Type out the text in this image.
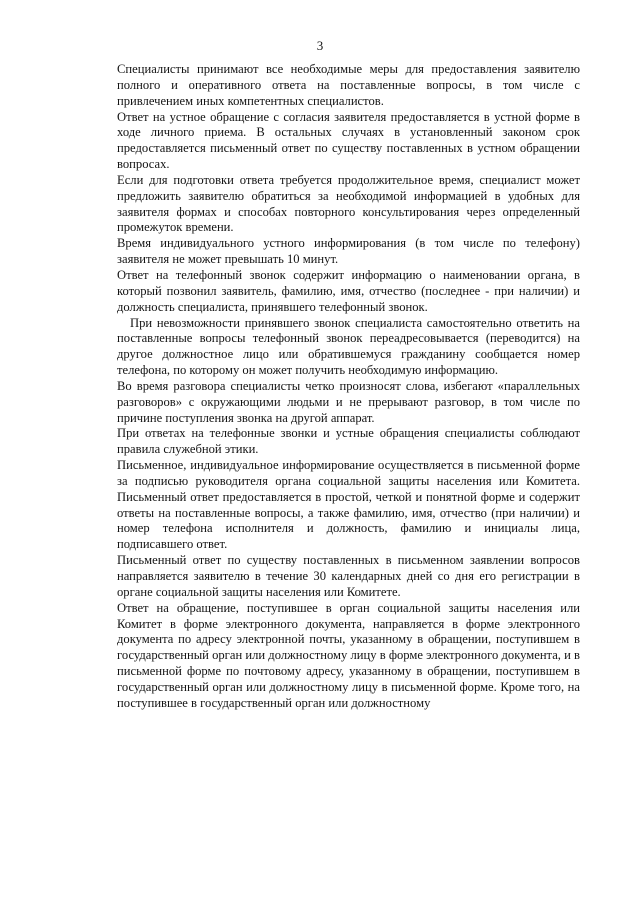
3

Специалисты принимают все необходимые меры для предоставления заявителю полного и оперативного ответа на поставленные вопросы, в том числе с привлечением иных компетентных специалистов.

Ответ на устное обращение с согласия заявителя предоставляется в устной форме в ходе личного приема. В остальных случаях в установленный законом срок предоставляется письменный ответ по существу поставленных в устном обращении вопросах.

Если для подготовки ответа требуется продолжительное время, специалист может предложить заявителю обратиться за необходимой информацией в удобных для заявителя формах и способах повторного консультирования через определенный промежуток времени.

Время индивидуального устного информирования (в том числе по телефону) заявителя не может превышать 10 минут.

Ответ на телефонный звонок содержит информацию о наименовании органа, в который позвонил заявитель, фамилию, имя, отчество (последнее - при наличии) и должность специалиста, принявшего телефонный звонок.

При невозможности принявшего звонок специалиста самостоятельно ответить на поставленные вопросы телефонный звонок переадресовывается (переводится) на другое должностное лицо или обратившемуся гражданину сообщается номер телефона, по которому он может получить необходимую информацию.

Во время разговора специалисты четко произносят слова, избегают «параллельных разговоров» с окружающими людьми и не прерывают разговор, в том числе по причине поступления звонка на другой аппарат.

При ответах на телефонные звонки и устные обращения специалисты соблюдают правила служебной этики.

Письменное, индивидуальное информирование осуществляется в письменной форме за подписью руководителя органа социальной защиты населения или Комитета. Письменный ответ предоставляется в простой, четкой и понятной форме и содержит ответы на поставленные вопросы, а также фамилию, имя, отчество (при наличии) и номер телефона исполнителя и должность, фамилию и инициалы лица, подписавшего ответ.

Письменный ответ по существу поставленных в письменном заявлении вопросов направляется заявителю в течение 30 календарных дней со дня его регистрации в органе социальной защиты населения или Комитете.

Ответ на обращение, поступившее в орган социальной защиты населения или Комитет в форме электронного документа, направляется в форме электронного документа по адресу электронной почты, указанному в обращении, поступившем в государственный орган или должностному лицу в форме электронного документа, и в письменной форме по почтовому адресу, указанному в обращении, поступившем в государственный орган или должностному лицу в письменной форме. Кроме того, на поступившее в государственный орган или должностному
